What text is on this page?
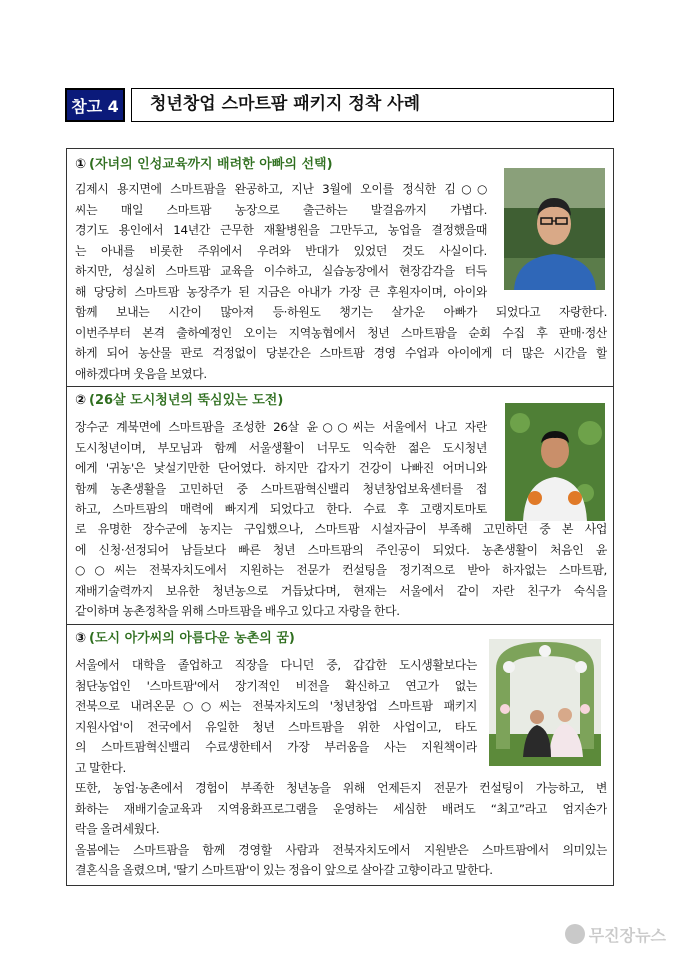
참고 4	청년창업 스마트팜 패키지 정착 사례
① (자녀의 인성교육까지 배려한 아빠의 선택)
김제시 용지면에 스마트팜을 완공하고, 지난 3월에 오이를 정식한 김○○
씨는 매일 스마트팜 농장으로 출근하는 발걸음까지 가볍다.
경기도 용인에서 14년간 근무한 재활병원을 그만두고, 농업을 결정했을때
는 아내를 비롯한 주위에서 우려와 반대가 있었던 것도 사실이다.
하지만, 성실히 스마트팜 교육을 이수하고, 실습농장에서 현장감각을 터득
해 당당히 스마트팜 농장주가 된 지금은 아내가 가장 큰 후원자이며, 아이와
함께 보내는 시간이 많아져 등·하원도 챙기는 살가운 아빠가 되었다고 자랑한다.
이번주부터 본격 출하예정인 오이는 지역농협에서 청년 스마트팜을 순회 수집 후 판매·정산
하게 되어 농산물 판로 걱정없이 당분간은 스마트팜 경영 수업과 아이에게 더 많은 시간을 할
애하겠다며 웃음을 보였다.
② (26살 도시청년의 뚝심있는 도전)
장수군 계북면에 스마트팜을 조성한 26살 윤○○씨는 서울에서 나고 자란
도시청년이며, 부모님과 함께 서울생활이 너무도 익숙한 젊은 도시청년
에게 '귀농'은 낯설기만한 단어였다. 하지만 갑자기 건강이 나빠진 어머니와
함께 농촌생활을 고민하던 중 스마트팜혁신밸리 청년창업보육센터를 접
하고, 스마트팜의 매력에 빠지게 되었다고 한다. 수료 후 고랭지토마토
로 유명한 장수군에 농지는 구입했으나, 스마트팜 시설자금이 부족해 고민하던 중 본 사업
에 신청·선정되어 남들보다 빠른 청년 스마트팜의 주인공이 되었다. 농촌생활이 처음인 윤
○○씨는 전북자치도에서 지원하는 전문가 컨설팅을 정기적으로 받아 하자없는 스마트팜,
재배기술력까지 보유한 청년농으로 거듭났다며, 현재는 서울에서 같이 자란 친구가 숙식을
같이하며 농촌정착을 위해 스마트팜을 배우고 있다고 자랑을 한다.
③ (도시 아가씨의 아름다운 농촌의 꿈)
서울에서 대학을 졸업하고 직장을 다니던 중, 갑갑한 도시생활보다는
첨단농업인 '스마트팜'에서 장기적인 비전을 확신하고 연고가 없는
전북으로 내려온문○○씨는 전북자치도의 '청년창업 스마트팜 패키지
지원사업'이 전국에서 유일한 청년 스마트팜을 위한 사업이고, 타도
의 스마트팜혁신밸리 수료생한테서 가장 부러움을 사는 지원책이라
고 말한다.
또한, 농업·농촌에서 경험이 부족한 청년농을 위해 언제든지 전문가 컨설팅이 가능하고, 변
화하는 재배기술교육과 지역융화프로그램을 운영하는 세심한 배려도 “최고”라고 엄지손가
락을 올려세웠다.
올봄에는 스마트팜을 함께 경영할 사람과 전북자치도에서 지원받은 스마트팜에서 의미있는
결혼식을 올렸으며, '딸기 스마트팜'이 있는 정읍이 앞으로 살아갈 고향이라고 말한다.
무진장뉴스
